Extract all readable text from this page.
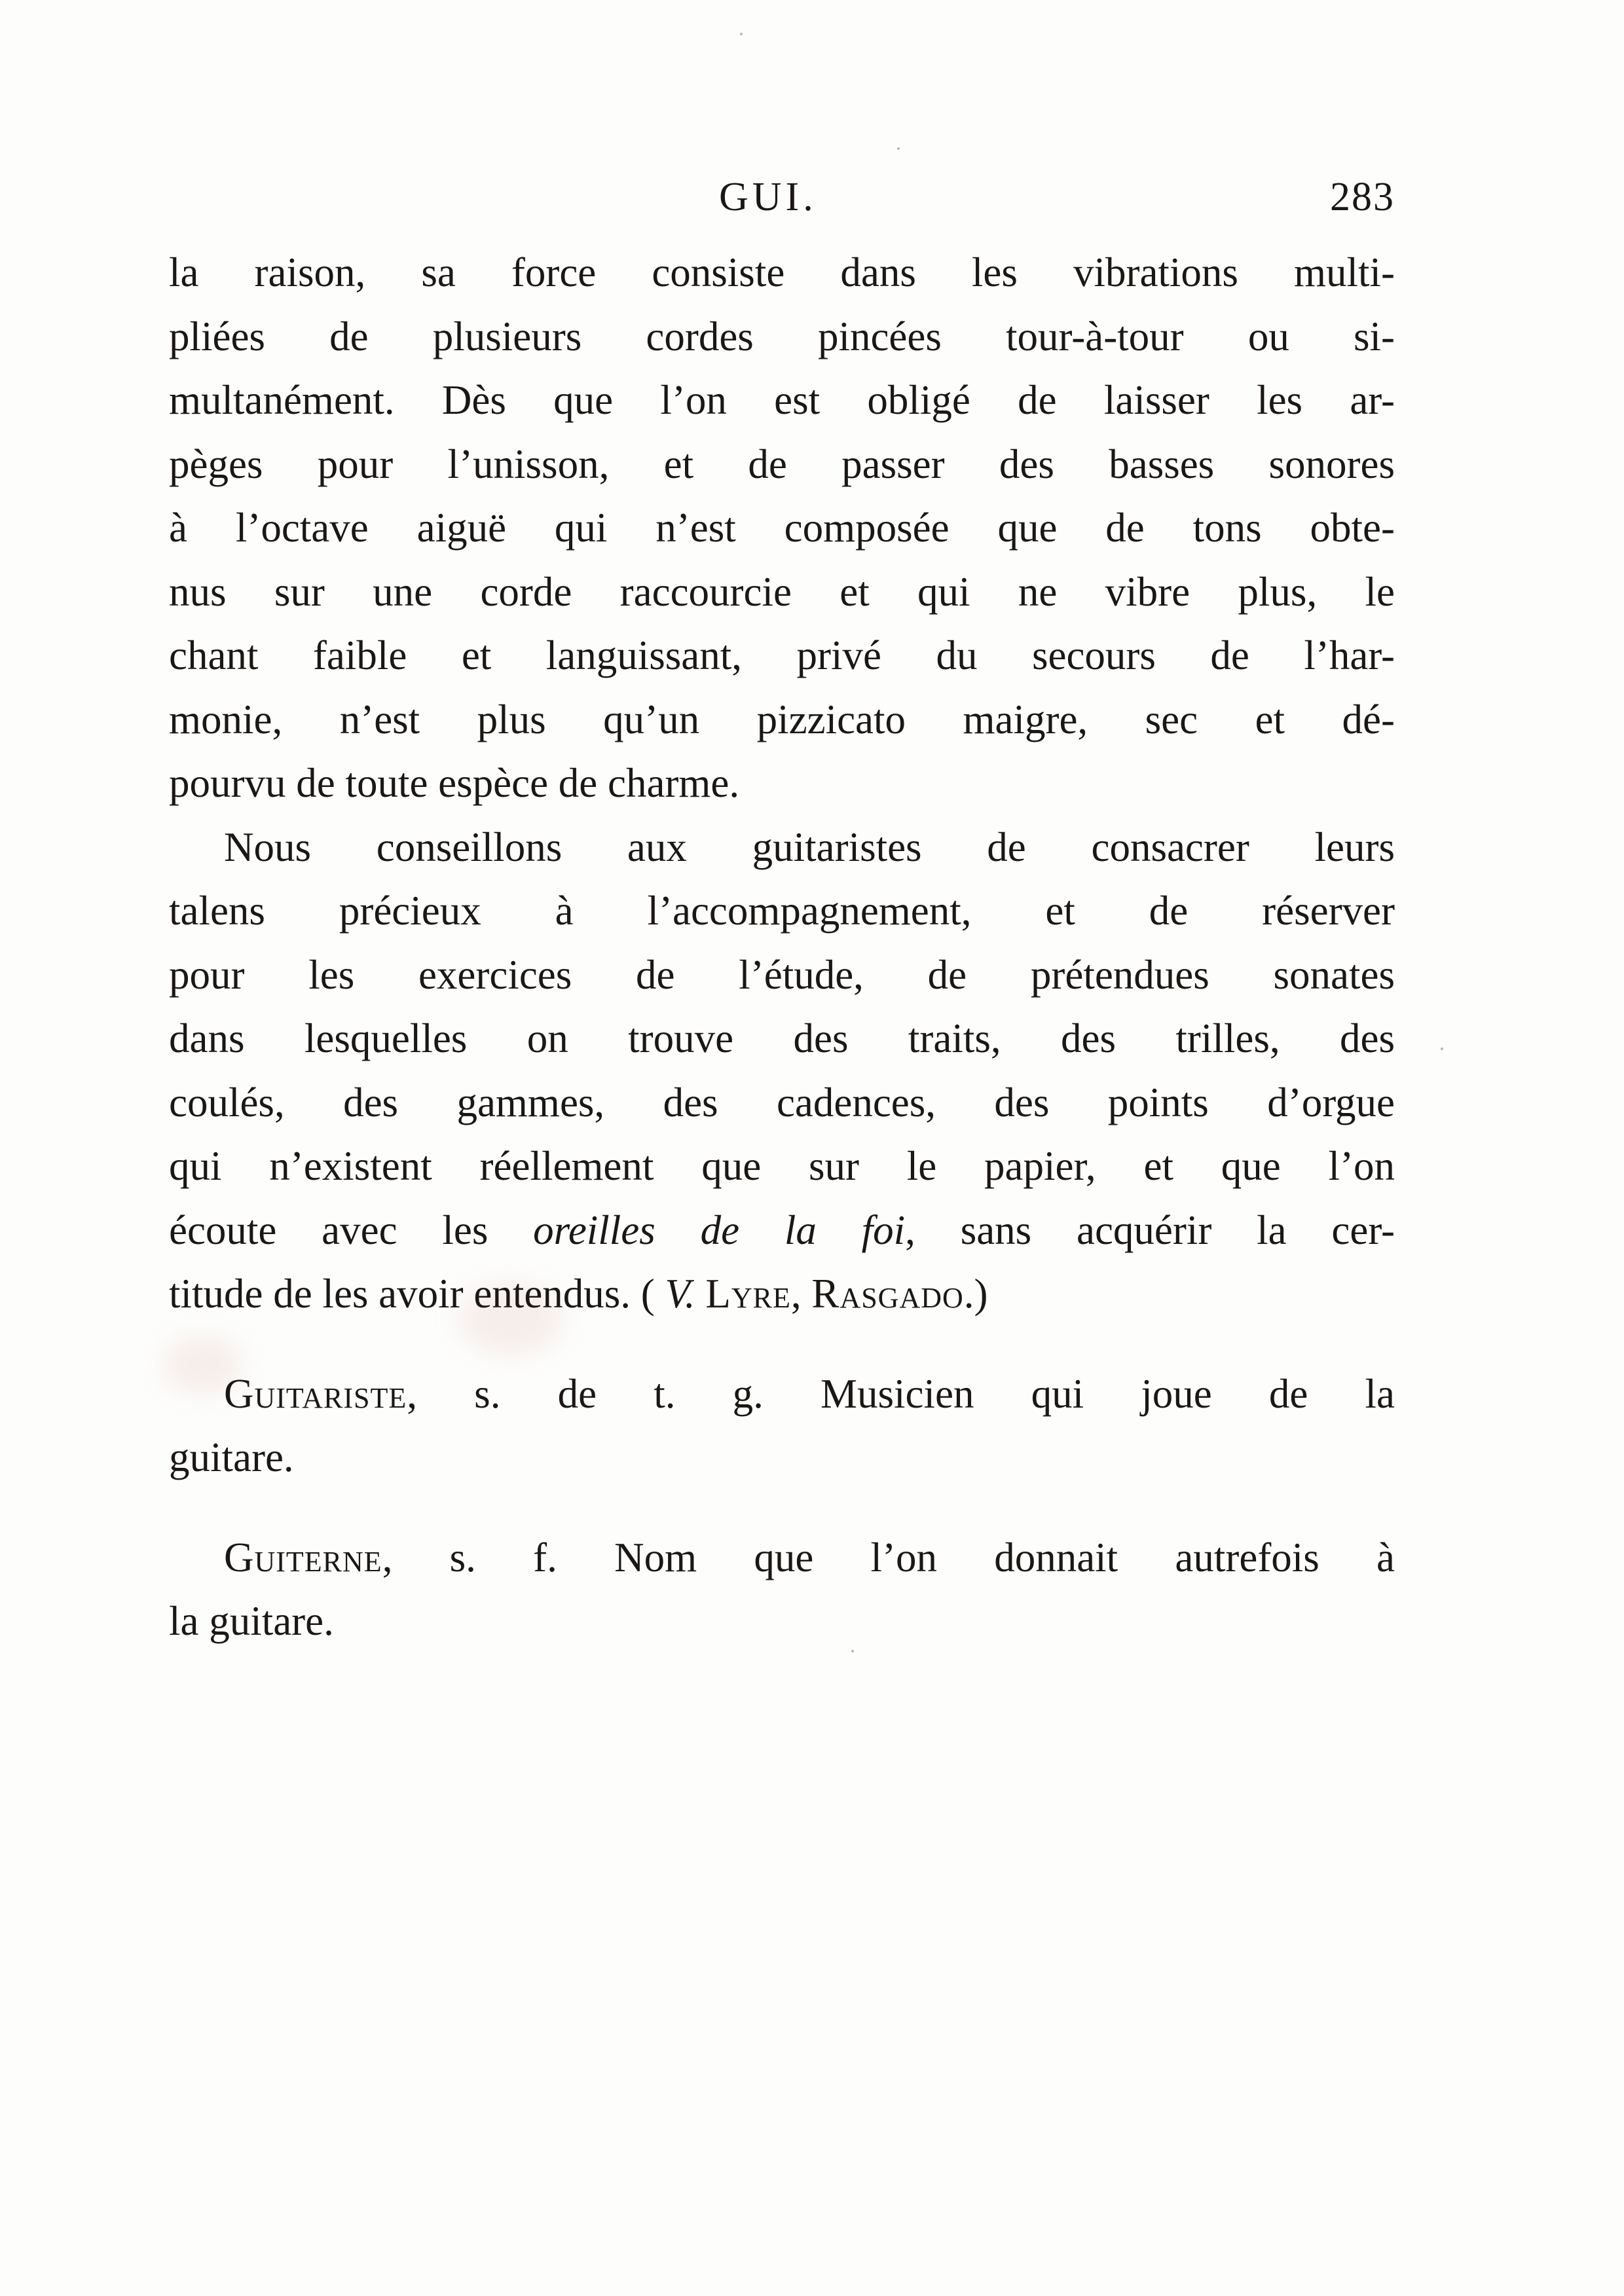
GUI.	283
la raison, sa force consiste dans les vibrations multi-
pliées de plusieurs cordes pincées tour-à-tour ou si-
multanément. Dès que l’on est obligé de laisser les ar-
pèges pour l’unisson, et de passer des basses sonores
à l’octave aiguë qui n’est composée que de tons obte-
nus sur une corde raccourcie et qui ne vibre plus, le
chant faible et languissant, privé du secours de l’har-
monie, n’est plus qu’un pizzicato maigre, sec et dé-
pourvu de toute espèce de charme.
Nous conseillons aux guitaristes de consacrer leurs
talens précieux à l’accompagnement, et de réserver
pour les exercices de l’étude, de prétendues sonates
dans lesquelles on trouve des traits, des trilles, des
coulés, des gammes, des cadences, des points d’orgue
qui n’existent réellement que sur le papier, et que l’on
écoute avec les oreilles de la foi, sans acquérir la cer-
titude de les avoir entendus. ( V. Lyre, Rasgado.)
Guitariste, s. de t. g. Musicien qui joue de la
guitare.
Guiterne, s. f. Nom que l’on donnait autrefois à
la guitare.
